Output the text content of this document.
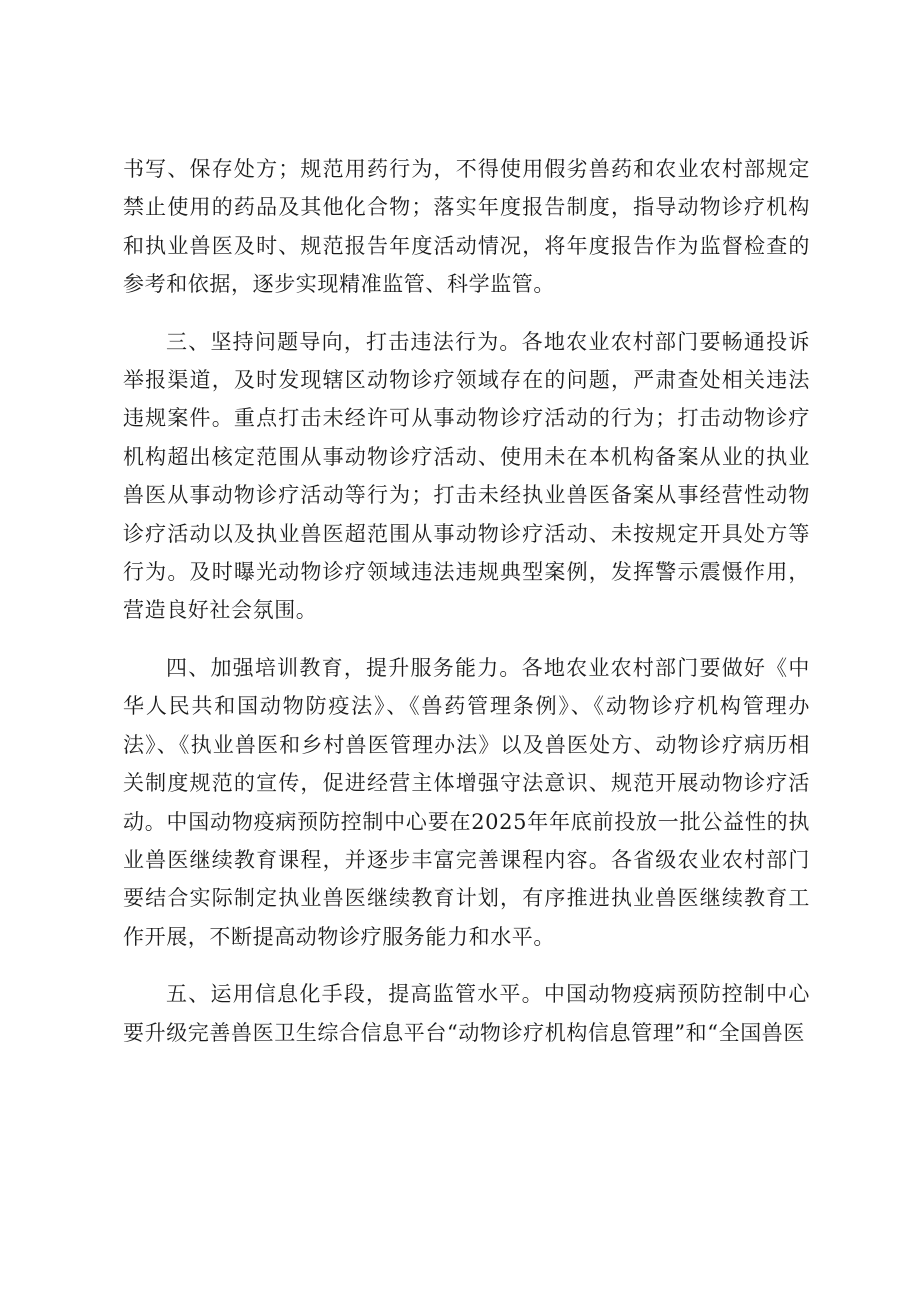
书写、保存处方；规范用药行为，不得使用假劣兽药和农业农村部规定禁止使用的药品及其他化合物；落实年度报告制度，指导动物诊疗机构和执业兽医及时、规范报告年度活动情况，将年度报告作为监督检查的参考和依据，逐步实现精准监管、科学监管。

三、坚持问题导向，打击违法行为。各地农业农村部门要畅通投诉举报渠道，及时发现辖区动物诊疗领域存在的问题，严肃查处相关违法违规案件。重点打击未经许可从事动物诊疗活动的行为；打击动物诊疗机构超出核定范围从事动物诊疗活动、使用未在本机构备案从业的执业兽医从事动物诊疗活动等行为；打击未经执业兽医备案从事经营性动物诊疗活动以及执业兽医超范围从事动物诊疗活动、未按规定开具处方等行为。及时曝光动物诊疗领域违法违规典型案例，发挥警示震慑作用，营造良好社会氛围。

四、加强培训教育，提升服务能力。各地农业农村部门要做好《中华人民共和国动物防疫法》、《兽药管理条例》、《动物诊疗机构管理办法》、《执业兽医和乡村兽医管理办法》以及兽医处方、动物诊疗病历相关制度规范的宣传，促进经营主体增强守法意识、规范开展动物诊疗活动。中国动物疫病预防控制中心要在2025年年底前投放一批公益性的执业兽医继续教育课程，并逐步丰富完善课程内容。各省级农业农村部门要结合实际制定执业兽医继续教育计划，有序推进执业兽医继续教育工作开展，不断提高动物诊疗服务能力和水平。

五、运用信息化手段，提高监管水平。中国动物疫病预防控制中心要升级完善兽医卫生综合信息平台“动物诊疗机构信息管理”和“全国兽医
